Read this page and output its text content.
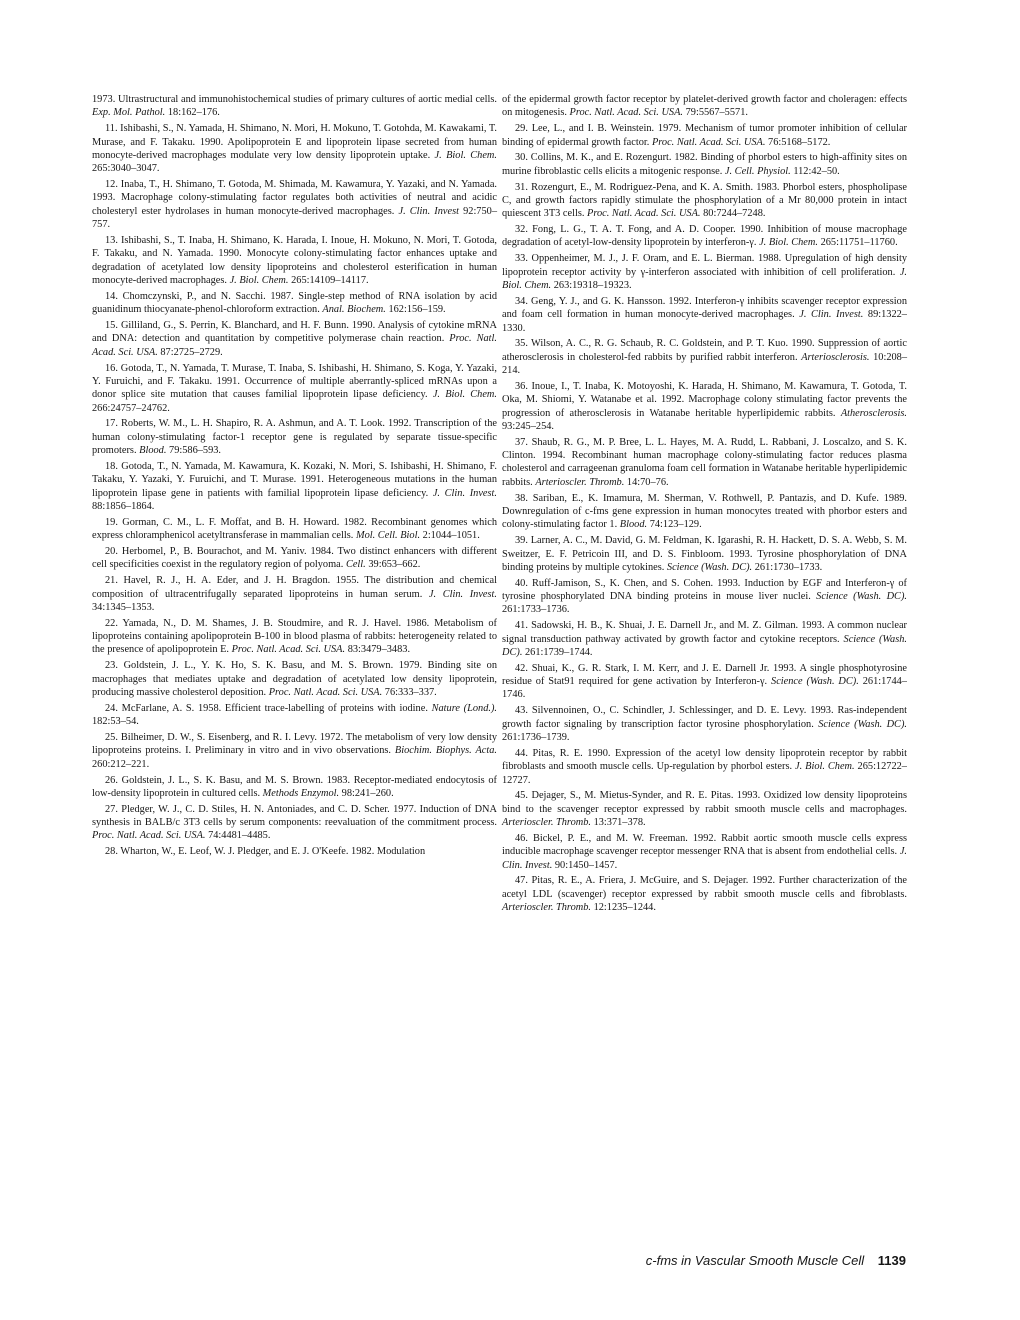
1973. Ultrastructural and immunohistochemical studies of primary cultures of aortic medial cells. Exp. Mol. Pathol. 18:162–176.

11. Ishibashi, S., N. Yamada, H. Shimano, N. Mori, H. Mokuno, T. Gotohda, M. Kawakami, T. Murase, and F. Takaku. 1990. Apolipoprotein E and lipoprotein lipase secreted from human monocyte-derived macrophages modulate very low density lipoprotein uptake. J. Biol. Chem. 265:3040–3047.

12. Inaba, T., H. Shimano, T. Gotoda, M. Shimada, M. Kawamura, Y. Yazaki, and N. Yamada. 1993. Macrophage colony-stimulating factor regulates both activities of neutral and acidic cholesteryl ester hydrolases in human monocyte-derived macrophages. J. Clin. Invest 92:750–757.

13. Ishibashi, S., T. Inaba, H. Shimano, K. Harada, I. Inoue, H. Mokuno, N. Mori, T. Gotoda, F. Takaku, and N. Yamada. 1990. Monocyte colony-stimulating factor enhances uptake and degradation of acetylated low density lipoproteins and cholesterol esterification in human monocyte-derived macrophages. J. Biol. Chem. 265:14109–14117.

14. Chomczynski, P., and N. Sacchi. 1987. Single-step method of RNA isolation by acid guanidinum thiocyanate-phenol-chloroform extraction. Anal. Biochem. 162:156–159.

15. Gilliland, G., S. Perrin, K. Blanchard, and H. F. Bunn. 1990. Analysis of cytokine mRNA and DNA: detection and quantitation by competitive polymerase chain reaction. Proc. Natl. Acad. Sci. USA. 87:2725–2729.

16. Gotoda, T., N. Yamada, T. Murase, T. Inaba, S. Ishibashi, H. Shimano, S. Koga, Y. Yazaki, Y. Furuichi, and F. Takaku. 1991. Occurrence of multiple aberrantly-spliced mRNAs upon a donor splice site mutation that causes familial lipoprotein lipase deficiency. J. Biol. Chem. 266:24757–24762.

17. Roberts, W. M., L. H. Shapiro, R. A. Ashmun, and A. T. Look. 1992. Transcription of the human colony-stimulating factor-1 receptor gene is regulated by separate tissue-specific promoters. Blood. 79:586–593.

18. Gotoda, T., N. Yamada, M. Kawamura, K. Kozaki, N. Mori, S. Ishibashi, H. Shimano, F. Takaku, Y. Yazaki, Y. Furuichi, and T. Murase. 1991. Heterogeneous mutations in the human lipoprotein lipase gene in patients with familial lipoprotein lipase deficiency. J. Clin. Invest. 88:1856–1864.

19. Gorman, C. M., L. F. Moffat, and B. H. Howard. 1982. Recombinant genomes which express chloramphenicol acetyltransferase in mammalian cells. Mol. Cell. Biol. 2:1044–1051.

20. Herbomel, P., B. Bourachot, and M. Yaniv. 1984. Two distinct enhancers with different cell specificities coexist in the regulatory region of polyoma. Cell. 39:653–662.

21. Havel, R. J., H. A. Eder, and J. H. Bragdon. 1955. The distribution and chemical composition of ultracentrifugally separated lipoproteins in human serum. J. Clin. Invest. 34:1345–1353.

22. Yamada, N., D. M. Shames, J. B. Stoudmire, and R. J. Havel. 1986. Metabolism of lipoproteins containing apolipoprotein B-100 in blood plasma of rabbits: heterogeneity related to the presence of apolipoprotein E. Proc. Natl. Acad. Sci. USA. 83:3479–3483.

23. Goldstein, J. L., Y. K. Ho, S. K. Basu, and M. S. Brown. 1979. Binding site on macrophages that mediates uptake and degradation of acetylated low density lipoprotein, producing massive cholesterol deposition. Proc. Natl. Acad. Sci. USA. 76:333–337.

24. McFarlane, A. S. 1958. Efficient trace-labelling of proteins with iodine. Nature (Lond.). 182:53–54.

25. Bilheimer, D. W., S. Eisenberg, and R. I. Levy. 1972. The metabolism of very low density lipoproteins proteins. I. Preliminary in vitro and in vivo observations. Biochim. Biophys. Acta. 260:212–221.

26. Goldstein, J. L., S. K. Basu, and M. S. Brown. 1983. Receptor-mediated endocytosis of low-density lipoprotein in cultured cells. Methods Enzymol. 98:241–260.

27. Pledger, W. J., C. D. Stiles, H. N. Antoniades, and C. D. Scher. 1977. Induction of DNA synthesis in BALB/c 3T3 cells by serum components: reevaluation of the commitment process. Proc. Natl. Acad. Sci. USA. 74:4481–4485.

28. Wharton, W., E. Leof, W. J. Pledger, and E. J. O'Keefe. 1982. Modulation

of the epidermal growth factor receptor by platelet-derived growth factor and choleragen: effects on mitogenesis. Proc. Natl. Acad. Sci. USA. 79:5567–5571.

29. Lee, L., and I. B. Weinstein. 1979. Mechanism of tumor promoter inhibition of cellular binding of epidermal growth factor. Proc. Natl. Acad. Sci. USA. 76:5168–5172.

30. Collins, M. K., and E. Rozengurt. 1982. Binding of phorbol esters to high-affinity sites on murine fibroblastic cells elicits a mitogenic response. J. Cell. Physiol. 112:42–50.

31. Rozengurt, E., M. Rodriguez-Pena, and K. A. Smith. 1983. Phorbol esters, phospholipase C, and growth factors rapidly stimulate the phosphorylation of a Mr 80,000 protein in intact quiescent 3T3 cells. Proc. Natl. Acad. Sci. USA. 80:7244–7248.

32. Fong, L. G., T. A. T. Fong, and A. D. Cooper. 1990. Inhibition of mouse macrophage degradation of acetyl-low-density lipoprotein by interferon-γ. J. Biol. Chem. 265:11751–11760.

33. Oppenheimer, M. J., J. F. Oram, and E. L. Bierman. 1988. Upregulation of high density lipoprotein receptor activity by γ-interferon associated with inhibition of cell proliferation. J. Biol. Chem. 263:19318–19323.

34. Geng, Y. J., and G. K. Hansson. 1992. Interferon-γ inhibits scavenger receptor expression and foam cell formation in human monocyte-derived macrophages. J. Clin. Invest. 89:1322–1330.

35. Wilson, A. C., R. G. Schaub, R. C. Goldstein, and P. T. Kuo. 1990. Suppression of aortic atherosclerosis in cholesterol-fed rabbits by purified rabbit interferon. Arteriosclerosis. 10:208–214.

36. Inoue, I., T. Inaba, K. Motoyoshi, K. Harada, H. Shimano, M. Kawamura, T. Gotoda, T. Oka, M. Shiomi, Y. Watanabe et al. 1992. Macrophage colony stimulating factor prevents the progression of atherosclerosis in Watanabe heritable hyperlipidemic rabbits. Atherosclerosis. 93:245–254.

37. Shaub, R. G., M. P. Bree, L. L. Hayes, M. A. Rudd, L. Rabbani, J. Loscalzo, and S. K. Clinton. 1994. Recombinant human macrophage colony-stimulating factor reduces plasma cholesterol and carrageenan granuloma foam cell formation in Watanabe heritable hyperlipidemic rabbits. Arterioscler. Thromb. 14:70–76.

38. Sariban, E., K. Imamura, M. Sherman, V. Rothwell, P. Pantazis, and D. Kufe. 1989. Downregulation of c-fms gene expression in human monocytes treated with phorbor esters and colony-stimulating factor 1. Blood. 74:123–129.

39. Larner, A. C., M. David, G. M. Feldman, K. Igarashi, R. H. Hackett, D. S. A. Webb, S. M. Sweitzer, E. F. Petricoin III, and D. S. Finbloom. 1993. Tyrosine phosphorylation of DNA binding proteins by multiple cytokines. Science (Wash. DC). 261:1730–1733.

40. Ruff-Jamison, S., K. Chen, and S. Cohen. 1993. Induction by EGF and Interferon-γ of tyrosine phosphorylated DNA binding proteins in mouse liver nuclei. Science (Wash. DC). 261:1733–1736.

41. Sadowski, H. B., K. Shuai, J. E. Darnell Jr., and M. Z. Gilman. 1993. A common nuclear signal transduction pathway activated by growth factor and cytokine receptors. Science (Wash. DC). 261:1739–1744.

42. Shuai, K., G. R. Stark, I. M. Kerr, and J. E. Darnell Jr. 1993. A single phosphotyrosine residue of Stat91 required for gene activation by Interferon-γ. Science (Wash. DC). 261:1744–1746.

43. Silvennoinen, O., C. Schindler, J. Schlessinger, and D. E. Levy. 1993. Ras-independent growth factor signaling by transcription factor tyrosine phosphorylation. Science (Wash. DC). 261:1736–1739.

44. Pitas, R. E. 1990. Expression of the acetyl low density lipoprotein receptor by rabbit fibroblasts and smooth muscle cells. Up-regulation by phorbol esters. J. Biol. Chem. 265:12722–12727.

45. Dejager, S., M. Mietus-Synder, and R. E. Pitas. 1993. Oxidized low density lipoproteins bind to the scavenger receptor expressed by rabbit smooth muscle cells and macrophages. Arterioscler. Thromb. 13:371–378.

46. Bickel, P. E., and M. W. Freeman. 1992. Rabbit aortic smooth muscle cells express inducible macrophage scavenger receptor messenger RNA that is absent from endothelial cells. J. Clin. Invest. 90:1450–1457.

47. Pitas, R. E., A. Friera, J. McGuire, and S. Dejager. 1992. Further characterization of the acetyl LDL (scavenger) receptor expressed by rabbit smooth muscle cells and fibroblasts. Arterioscler. Thromb. 12:1235–1244.

c-fms in Vascular Smooth Muscle Cell 1139
